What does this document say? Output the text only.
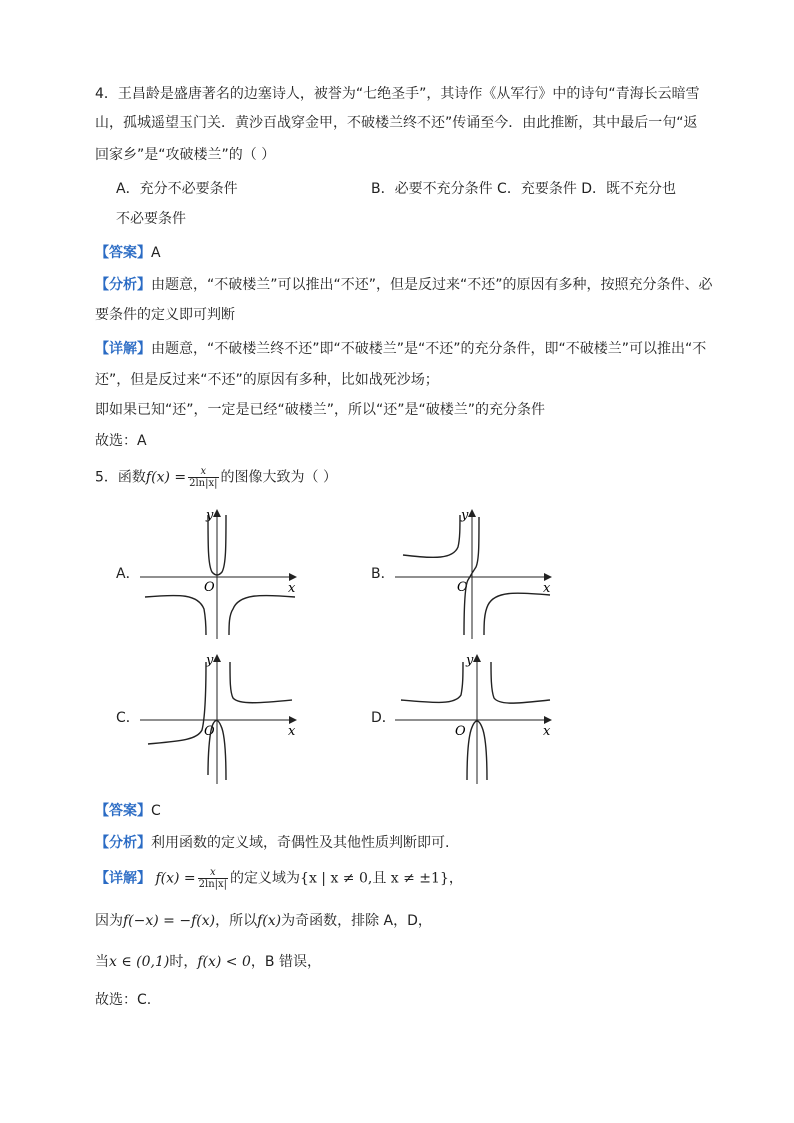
4．王昌龄是盛唐著名的边塞诗人，被誉为“七绝圣手”，其诗作《从军行》中的诗句“青海长云暗雪
山，孤城遥望玉门关．黄沙百战穿金甲，不破楼兰终不还”传诵至今．由此推断，其中最后一句“返
回家乡”是“攻破楼兰”的（ ）
A．充分不必要条件	B．必要不充分条件 C．充要条件 D．既不充分也
不必要条件
【答案】A
【分析】由题意，“不破楼兰”可以推出“不还”，但是反过来“不还”的原因有多种，按照充分条件、必
要条件的定义即可判断
【详解】由题意，“不破楼兰终不还”即“不破楼兰”是“不还”的充分条件，即“不破楼兰”可以推出“不
还”，但是反过来“不还”的原因有多种，比如战死沙场；
即如果已知“还”，一定是已经“破楼兰”，所以“还”是“破楼兰”的充分条件
故选：A
5．函数$f(x) = \frac{x}{2\ln|x|}$ 的图像大致为（ ）
A．
x
y
O
B．
x
y
O
C．
x
y
O
D．
x
y
O
【答案】C
【分析】利用函数的定义域，奇偶性及其他性质判断即可.
【详解】 $f(x) = \frac{x}{2\ln|x|}$ 的定义域为{x | x ≠ 0,且 x ≠ ±1}，
因为f(−x) = −f(x)，所以f(x)为奇函数，排除 A，D，
当x ∈ (0,1)时，f(x) < 0，B 错误，
故选：C.
